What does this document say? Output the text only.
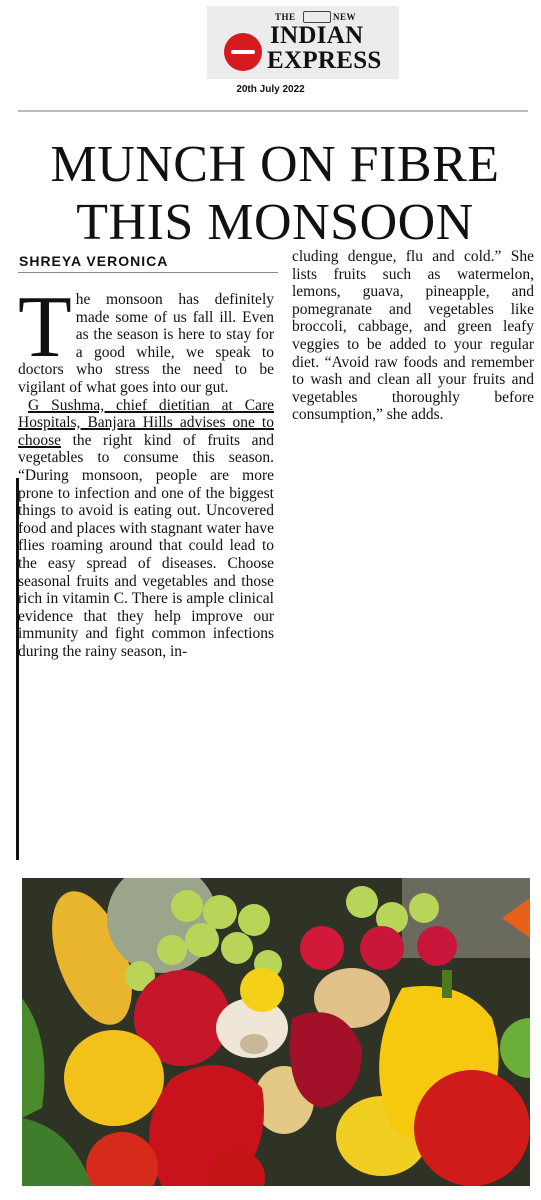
THE	NEW
INDIAN
EXPRESS
20th July 2022
MUNCH ON FIBRE
THIS MONSOON
SHREYA VERONICA
The monsoon has definitely made some of us fall ill. Even as the season is here to stay for a good while, we speak to doctors who stress the need to be vigilant of what goes into our gut.
G Sushma, chief dietitian at Care Hospitals, Banjara Hills advises one to choose the right kind of fruits and vegetables to consume this season. “During monsoon, people are more prone to infection and one of the biggest things to avoid is eating out. Uncovered food and places with stagnant water have flies roaming around that could lead to the easy spread of diseases. Choose seasonal fruits and vegetables and those rich in vitamin C. There is ample clinical evidence that they help improve our immunity and fight common infections during the rainy season, in-
cluding dengue, flu and cold.” She lists fruits such as watermelon, lemons, guava, pineapple, and pomegranate and vegetables like broccoli, cabbage, and green leafy veggies to be added to your regular diet. “Avoid raw foods and remember to wash and clean all your fruits and vegetables thoroughly before consumption,” she adds.
